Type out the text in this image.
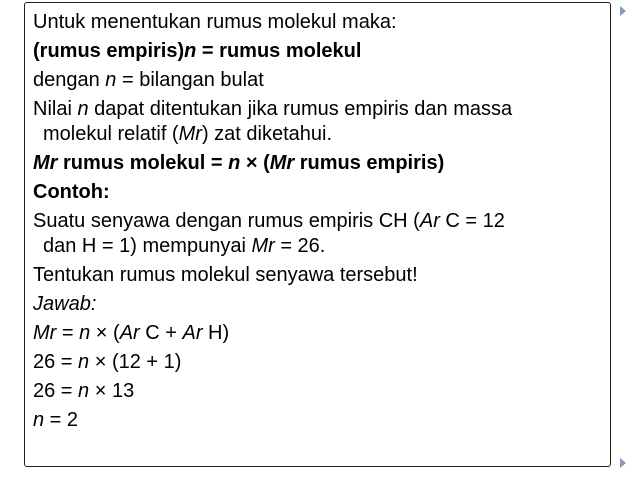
Untuk menentukan rumus molekul maka:
(rumus empiris)n = rumus molekul
dengan n = bilangan bulat
Nilai n dapat ditentukan jika rumus empiris dan massa
molekul relatif (Mr) zat diketahui.
Mr rumus molekul = n × (Mr rumus empiris)
Contoh:
Suatu senyawa dengan rumus empiris CH (Ar C = 12
dan H = 1) mempunyai Mr = 26.
Tentukan rumus molekul senyawa tersebut!
Jawab:
Mr = n × (Ar C + Ar H)
26 = n × (12 + 1)
26 = n × 13
n = 2
